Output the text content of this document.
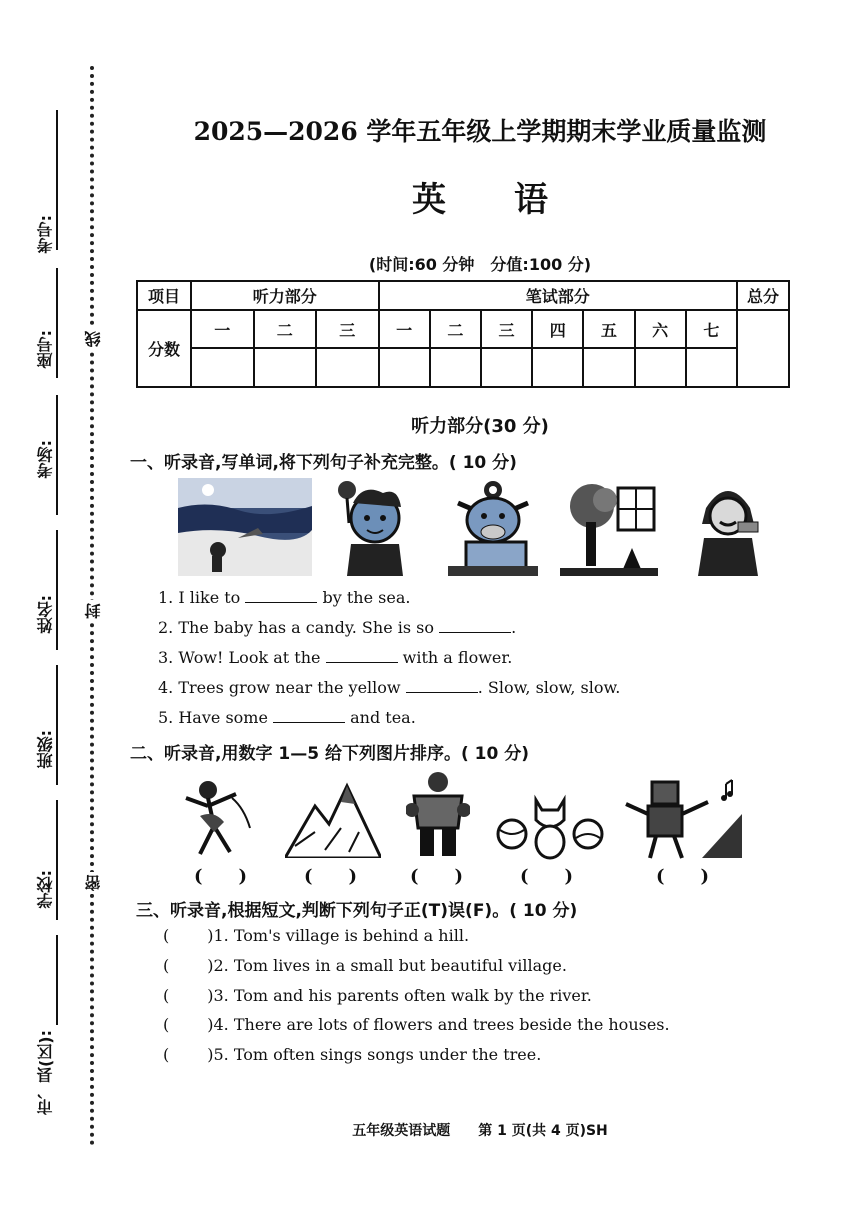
考号:
座号:
考场:
姓名:
班级:
学校:
市、县(区):
线
封
密
2025—2026 学年五年级上学期期末学业质量监测
英　　语
(时间:60 分钟　分值:100 分)
项目	听力部分			笔试部分							总分
分数	一	二	三	一	二	三	四	五	六	七	

听力部分(30 分)
一、听录音,写单词,将下列句子补充完整。( 10 分)
1. I like to	by the sea.
2. The baby has a candy. She is so	.
3. Wow! Look at the	with a flower.
4. Trees grow near the yellow	. Slow, slow, slow.
5. Have some	and tea.
二、听录音,用数字 1—5 给下列图片排序。( 10 分)
(　　)	(　　)	(　　)	(　　)	(　　)
三、听录音,根据短文,判断下列句子正(T)误(F)。( 10 分)
( )1. Tom's village is behind a hill.
( )2. Tom lives in a small but beautiful village.
( )3. Tom and his parents often walk by the river.
( )4. There are lots of flowers and trees beside the houses.
( )5. Tom often sings songs under the tree.
五年级英语试题　　第 1 页(共 4 页)SH
